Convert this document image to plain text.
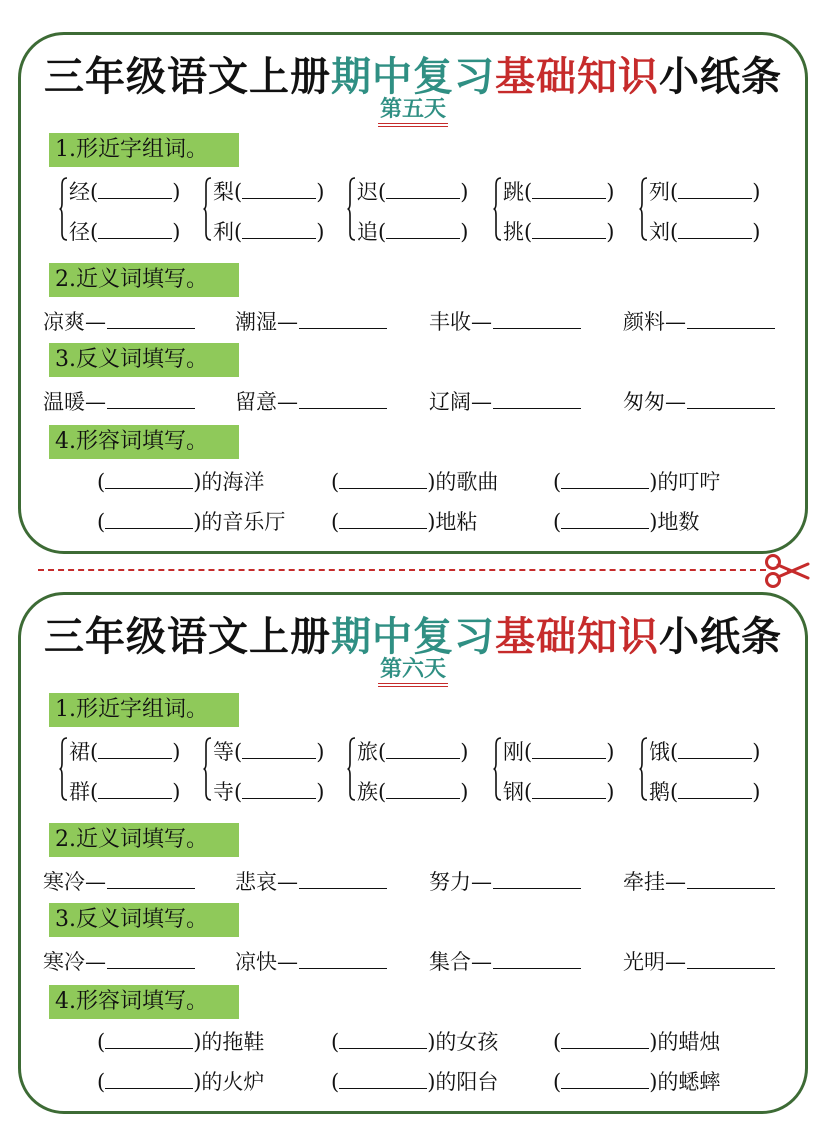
三年级语文上册期中复习基础知识小纸条
第五天
1.形近字组词。
经(	)
径(	)
梨(	)
利(	)
迟(	)
追(	)
跳(	)
挑(	)
列(	)
刘(	)
2.近义词填写。
凉爽—	潮湿—	丰收—	颜料—
3.反义词填写。
温暖—	留意—	辽阔—	匆匆—
4.形容词填写。
(	)的海洋	(	)的歌曲	(	)的叮咛
(	)的音乐厅 (	)地粘	(	)地数
三年级语文上册期中复习基础知识小纸条
第六天
1.形近字组词。
裙(	)
群(	)
等(	)
寺(	)
旅(	)
族(	)
刚(	)
钢(	)
饿(	)
鹅(	)
2.近义词填写。
寒冷—	悲哀—	努力—	牵挂—
3.反义词填写。
寒冷—	凉快—	集合—	光明—
4.形容词填写。
(	)的拖鞋	(	)的女孩	(	)的蜡烛
(	)的火炉	(	)的阳台	(	)的蟋蟀
